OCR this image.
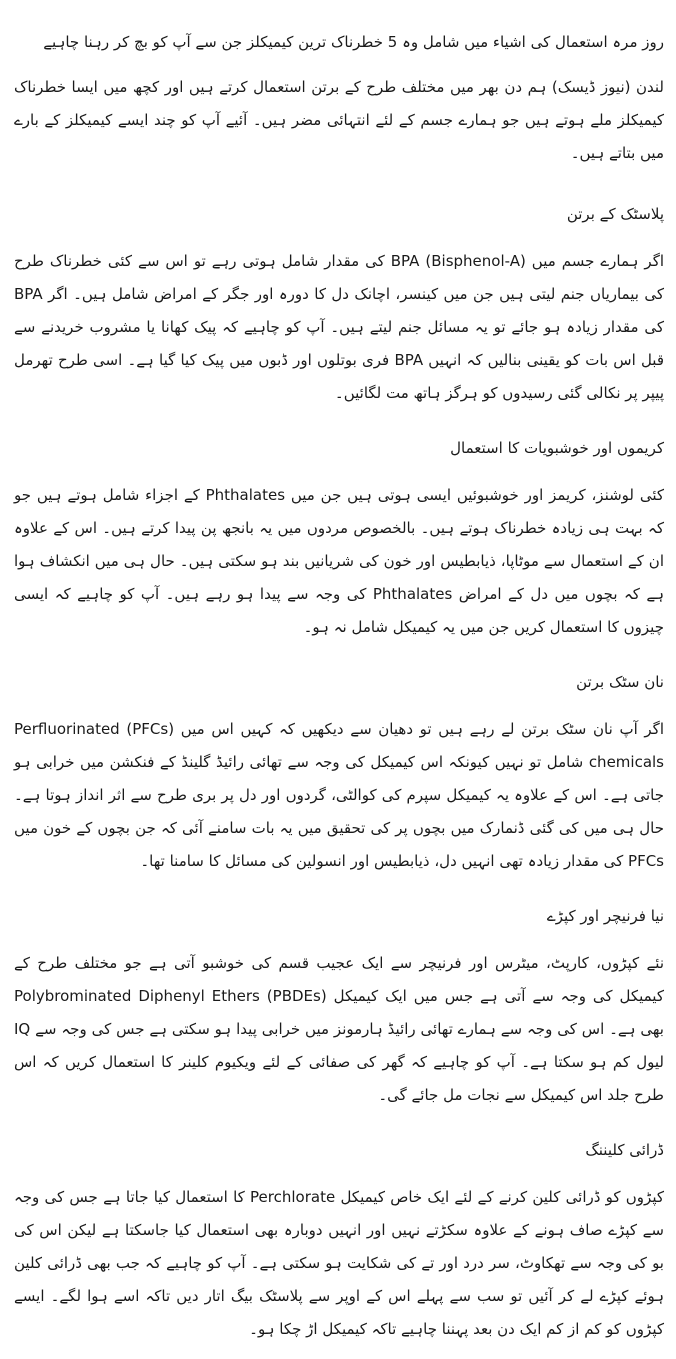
روز مرہ استعمال کی اشیاء میں شامل وہ 5 خطرناک ترین کیمیکلز جن سے آپ کو بچ کر رہنا چاہیے

لندن (نیوز ڈیسک) ہم دن بھر میں مختلف طرح کے برتن استعمال کرتے ہیں اور کچھ میں ایسا خطرناک کیمیکلز ملے ہوتے ہیں جو ہمارے جسم کے لئے انتہائی مضر ہیں۔ آئیے آپ کو چند ایسے کیمیکلز کے بارے میں بتاتے ہیں۔

پلاسٹک کے برتن

اگر ہمارے جسم میں BPA (Bisphenol-A) کی مقدار شامل ہوتی رہے تو اس سے کئی خطرناک طرح کی بیماریاں جنم لیتی ہیں جن میں کینسر، اچانک دل کا دورہ اور جگر کے امراض شامل ہیں۔ اگر BPA کی مقدار زیادہ ہو جائے تو یہ مسائل جنم لیتے ہیں۔ آپ کو چاہیے کہ پیک کھانا یا مشروب خریدنے سے قبل اس بات کو یقینی بنالیں کہ انہیں BPA فری بوتلوں اور ڈبوں میں پیک کیا گیا ہے۔ اسی طرح تھرمل پیپر پر نکالی گئی رسیدوں کو ہرگز ہاتھ مت لگائیں۔

کریموں اور خوشبویات کا استعمال

کئی لوشنز، کریمز اور خوشبوئیں ایسی ہوتی ہیں جن میں Phthalates کے اجزاء شامل ہوتے ہیں جو کہ بہت ہی زیادہ خطرناک ہوتے ہیں۔ بالخصوص مردوں میں یہ بانجھ پن پیدا کرتے ہیں۔ اس کے علاوہ ان کے استعمال سے موٹاپا، ذیابطیس اور خون کی شریانیں بند ہو سکتی ہیں۔ حال ہی میں انکشاف ہوا ہے کہ بچوں میں دل کے امراض Phthalates کی وجہ سے پیدا ہو رہے ہیں۔ آپ کو چاہیے کہ ایسی چیزوں کا استعمال کریں جن میں یہ کیمیکل شامل نہ ہو۔

نان سٹک برتن

اگر آپ نان سٹک برتن لے رہے ہیں تو دھیان سے دیکھیں کہ کہیں اس میں (PFCs) Perfluorinated chemicals شامل تو نہیں کیونکہ اس کیمیکل کی وجہ سے تھائی رائیڈ گلینڈ کے فنکشن میں خرابی ہو جاتی ہے۔ اس کے علاوہ یہ کیمیکل سپرم کی کوالٹی، گردوں اور دل پر بری طرح سے اثر انداز ہوتا ہے۔ حال ہی میں کی گئی ڈنمارک میں بچوں پر کی تحقیق میں یہ بات سامنے آئی کہ جن بچوں کے خون میں PFCs کی مقدار زیادہ تھی انہیں دل، ذیابطیس اور انسولین کی مسائل کا سامنا تھا۔

نیا فرنیچر اور کپڑے

نئے کپڑوں، کارپٹ، میٹرس اور فرنیچر سے ایک عجیب قسم کی خوشبو آتی ہے جو مختلف طرح کے کیمیکل کی وجہ سے آتی ہے جس میں ایک کیمیکل (PBDEs) Polybrominated Diphenyl Ethers بھی ہے۔ اس کی وجہ سے ہمارے تھائی رائیڈ ہارمونز میں خرابی پیدا ہو سکتی ہے جس کی وجہ سے IQ لیول کم ہو سکتا ہے۔ آپ کو چاہیے کہ گھر کی صفائی کے لئے ویکیوم کلینر کا استعمال کریں کہ اس طرح جلد اس کیمیکل سے نجات مل جائے گی۔

ڈرائی کلیننگ

کپڑوں کو ڈرائی کلین کرنے کے لئے ایک خاص کیمیکل Perchlorate کا استعمال کیا جاتا ہے جس کی وجہ سے کپڑے صاف ہونے کے علاوہ سکڑتے نہیں اور انہیں دوبارہ بھی استعمال کیا جاسکتا ہے لیکن اس کی بو کی وجہ سے تھکاوٹ، سر درد اور تے کی شکایت ہو سکتی ہے۔ آپ کو چاہیے کہ جب بھی ڈرائی کلین ہوئے کپڑے لے کر آئیں تو سب سے پہلے اس کے اوپر سے پلاسٹک بیگ اتار دیں تاکہ اسے ہوا لگے۔ ایسے کپڑوں کو کم از کم ایک دن بعد پہننا چاہیے تاکہ کیمیکل اڑ چکا ہو۔
